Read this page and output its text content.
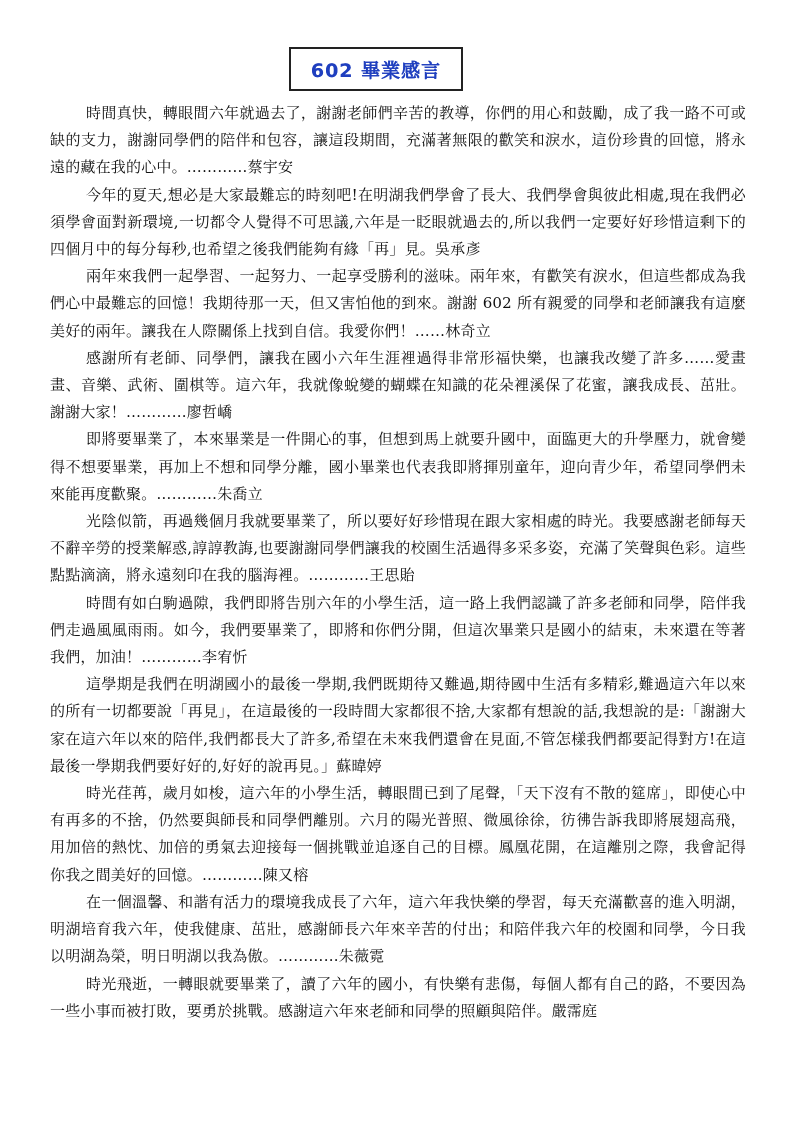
602 畢業感言

時間真快，轉眼間六年就過去了，謝謝老師們辛苦的教導，你們的用心和鼓勵，成了我一路不可或缺的支力，謝謝同學們的陪伴和包容，讓這段期間，充滿著無限的歡笑和淚水，這份珍貴的回憶，將永遠的藏在我的心中。…………蔡宇安

今年的夏天,想必是大家最難忘的時刻吧!在明湖我們學會了長大、我們學會與彼此相處,現在我們必須學會面對新環境,一切都令人覺得不可思議,六年是一眨眼就過去的,所以我們一定要好好珍惜這剩下的四個月中的每分每秒,也希望之後我們能夠有緣「再」見。吳承彥

兩年來我們一起學習、一起努力、一起享受勝利的滋味。兩年來，有歡笑有淚水，但這些都成為我們心中最難忘的回憶！我期待那一天，但又害怕他的到來。謝謝 602 所有親愛的同學和老師讓我有這麼美好的兩年。讓我在人際關係上找到自信。我愛你們！……林奇立

感謝所有老師、同學們，讓我在國小六年生涯裡過得非常形福快樂，也讓我改變了許多……愛畫畫、音樂、武術、圍棋等。這六年，我就像蛻變的蝴蝶在知識的花朵裡溪保了花蜜，讓我成長、茁壯。謝謝大家！…………廖哲嶠

即將要畢業了，本來畢業是一件開心的事，但想到馬上就要升國中，面臨更大的升學壓力，就會變得不想要畢業，再加上不想和同學分離，國小畢業也代表我即將揮別童年，迎向青少年，希望同學們未來能再度歡聚。…………朱喬立

光陰似箭，再過幾個月我就要畢業了，所以要好好珍惜現在跟大家相處的時光。我要感謝老師每天不辭辛勞的授業解惑,諄諄教誨,也要謝謝同學們讓我的校園生活過得多采多姿，充滿了笑聲與色彩。這些點點滴滴，將永遠刻印在我的腦海裡。…………王思貽

時間有如白駒過隙，我們即將告別六年的小學生活，這一路上我們認識了許多老師和同學，陪伴我們走過風風雨雨。如今，我們要畢業了，即將和你們分開，但這次畢業只是國小的結束，未來還在等著我們，加油！…………李宥忻

這學期是我們在明湖國小的最後一學期,我們既期待又難過,期待國中生活有多精彩,難過這六年以來的所有一切都要說「再見」，在這最後的一段時間大家都很不捨,大家都有想說的話,我想說的是:「謝謝大家在這六年以來的陪伴,我們都長大了許多,希望在未來我們還會在見面,不管怎樣我們都要記得對方!在這最後一學期我們要好好的,好好的說再見。」蘇暐婷

時光荏苒，歲月如梭，這六年的小學生活，轉眼間已到了尾聲，「天下沒有不散的筵席」，即使心中有再多的不捨，仍然要與師長和同學們離別。六月的陽光普照、微風徐徐，彷彿告訴我即將展翅高飛，用加倍的熱忱、加倍的勇氣去迎接每一個挑戰並追逐自己的目標。鳳凰花開，在這離別之際，我會記得你我之間美好的回憶。…………陳又榕

在一個溫馨、和諧有活力的環境我成長了六年，這六年我快樂的學習，每天充滿歡喜的進入明湖，明湖培育我六年，使我健康、茁壯，感謝師長六年來辛苦的付出；和陪伴我六年的校園和同學，今日我以明湖為榮，明日明湖以我為傲。…………朱薇霓

時光飛逝，一轉眼就要畢業了，讀了六年的國小，有快樂有悲傷，每個人都有自己的路，不要因為一些小事而被打敗，要勇於挑戰。感謝這六年來老師和同學的照顧與陪伴。嚴霈庭
